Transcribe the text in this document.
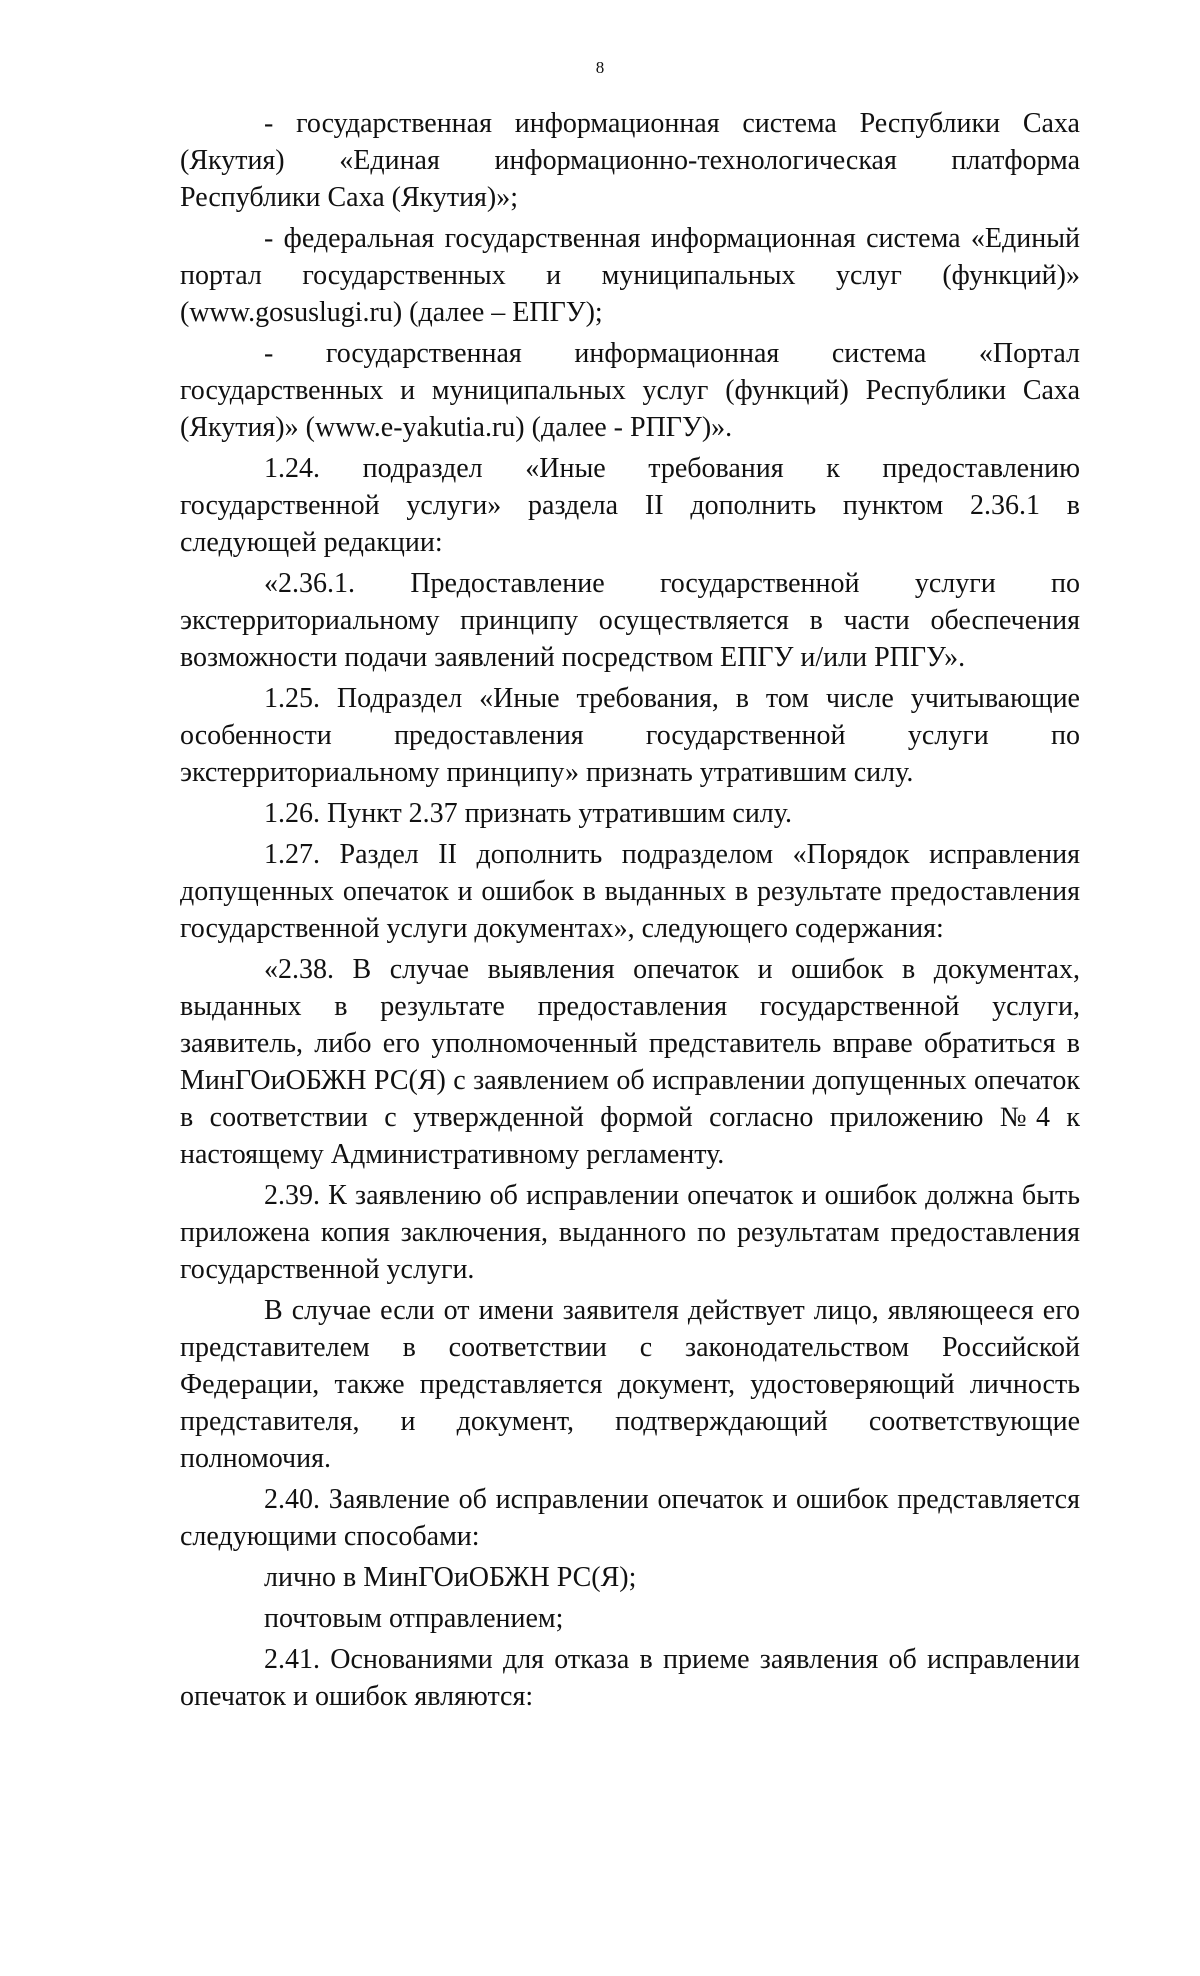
8

- государственная информационная система Республики Саха (Якутия) «Единая информационно-технологическая платформа Республики Саха (Якутия)»;

- федеральная государственная информационная система «Единый портал государственных и муниципальных услуг (функций)» (www.gosuslugi.ru) (далее – ЕПГУ);

- государственная информационная система «Портал государственных и муниципальных услуг (функций) Республики Саха (Якутия)» (www.e-yakutia.ru) (далее - РПГУ)».

1.24. подраздел «Иные требования к предоставлению государственной услуги» раздела II дополнить пунктом 2.36.1 в следующей редакции:

«2.36.1. Предоставление государственной услуги по экстерриториальному принципу осуществляется в части обеспечения возможности подачи заявлений посредством ЕПГУ и/или РПГУ».

1.25. Подраздел «Иные требования, в том числе учитывающие особенности предоставления государственной услуги по экстерриториальному принципу» признать утратившим силу.

1.26. Пункт 2.37 признать утратившим силу.

1.27. Раздел II дополнить подразделом «Порядок исправления допущенных опечаток и ошибок в выданных в результате предоставления государственной услуги документах», следующего содержания:

«2.38. В случае выявления опечаток и ошибок в документах, выданных в результате предоставления государственной услуги, заявитель, либо его уполномоченный представитель вправе обратиться в МинГОиОБЖН РС(Я) с заявлением об исправлении допущенных опечаток в соответствии с утвержденной формой согласно приложению №4 к настоящему Административному регламенту.

2.39. К заявлению об исправлении опечаток и ошибок должна быть приложена копия заключения, выданного по результатам предоставления государственной услуги.

В случае если от имени заявителя действует лицо, являющееся его представителем в соответствии с законодательством Российской Федерации, также представляется документ, удостоверяющий личность представителя, и документ, подтверждающий соответствующие полномочия.

2.40. Заявление об исправлении опечаток и ошибок представляется следующими способами:

лично в МинГОиОБЖН РС(Я);

почтовым отправлением;

2.41. Основаниями для отказа в приеме заявления об исправлении опечаток и ошибок являются:
